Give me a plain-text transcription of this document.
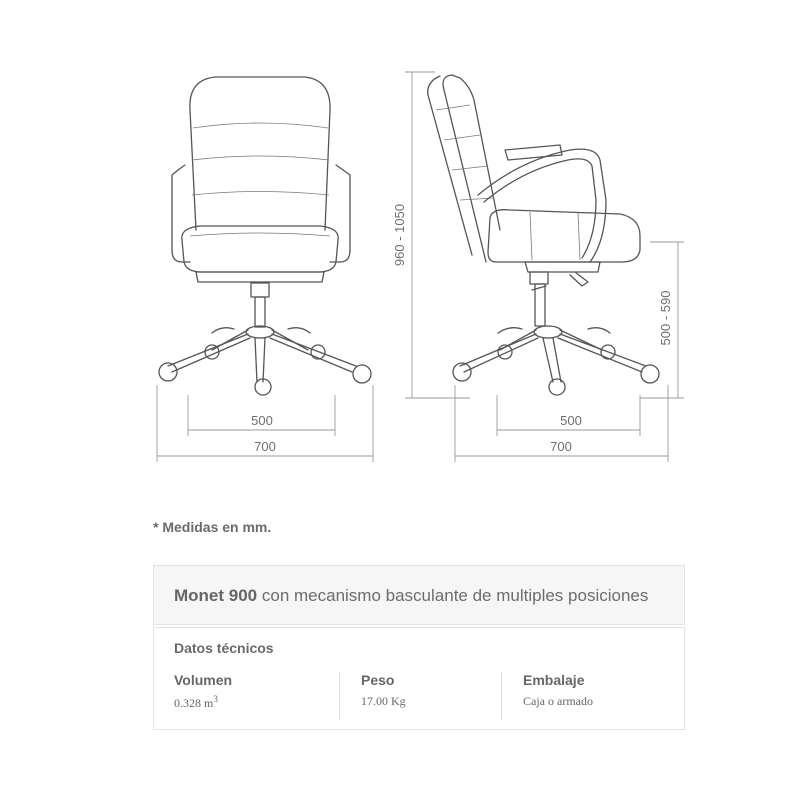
500
700
500
700
960 - 1050
500 - 590
* Medidas en mm.
Monet 900 con mecanismo basculante de multiples posiciones
Datos técnicos
Volumen
0.328 $m^3$
Peso
17.00 Kg
Embalaje
Caja o armado
